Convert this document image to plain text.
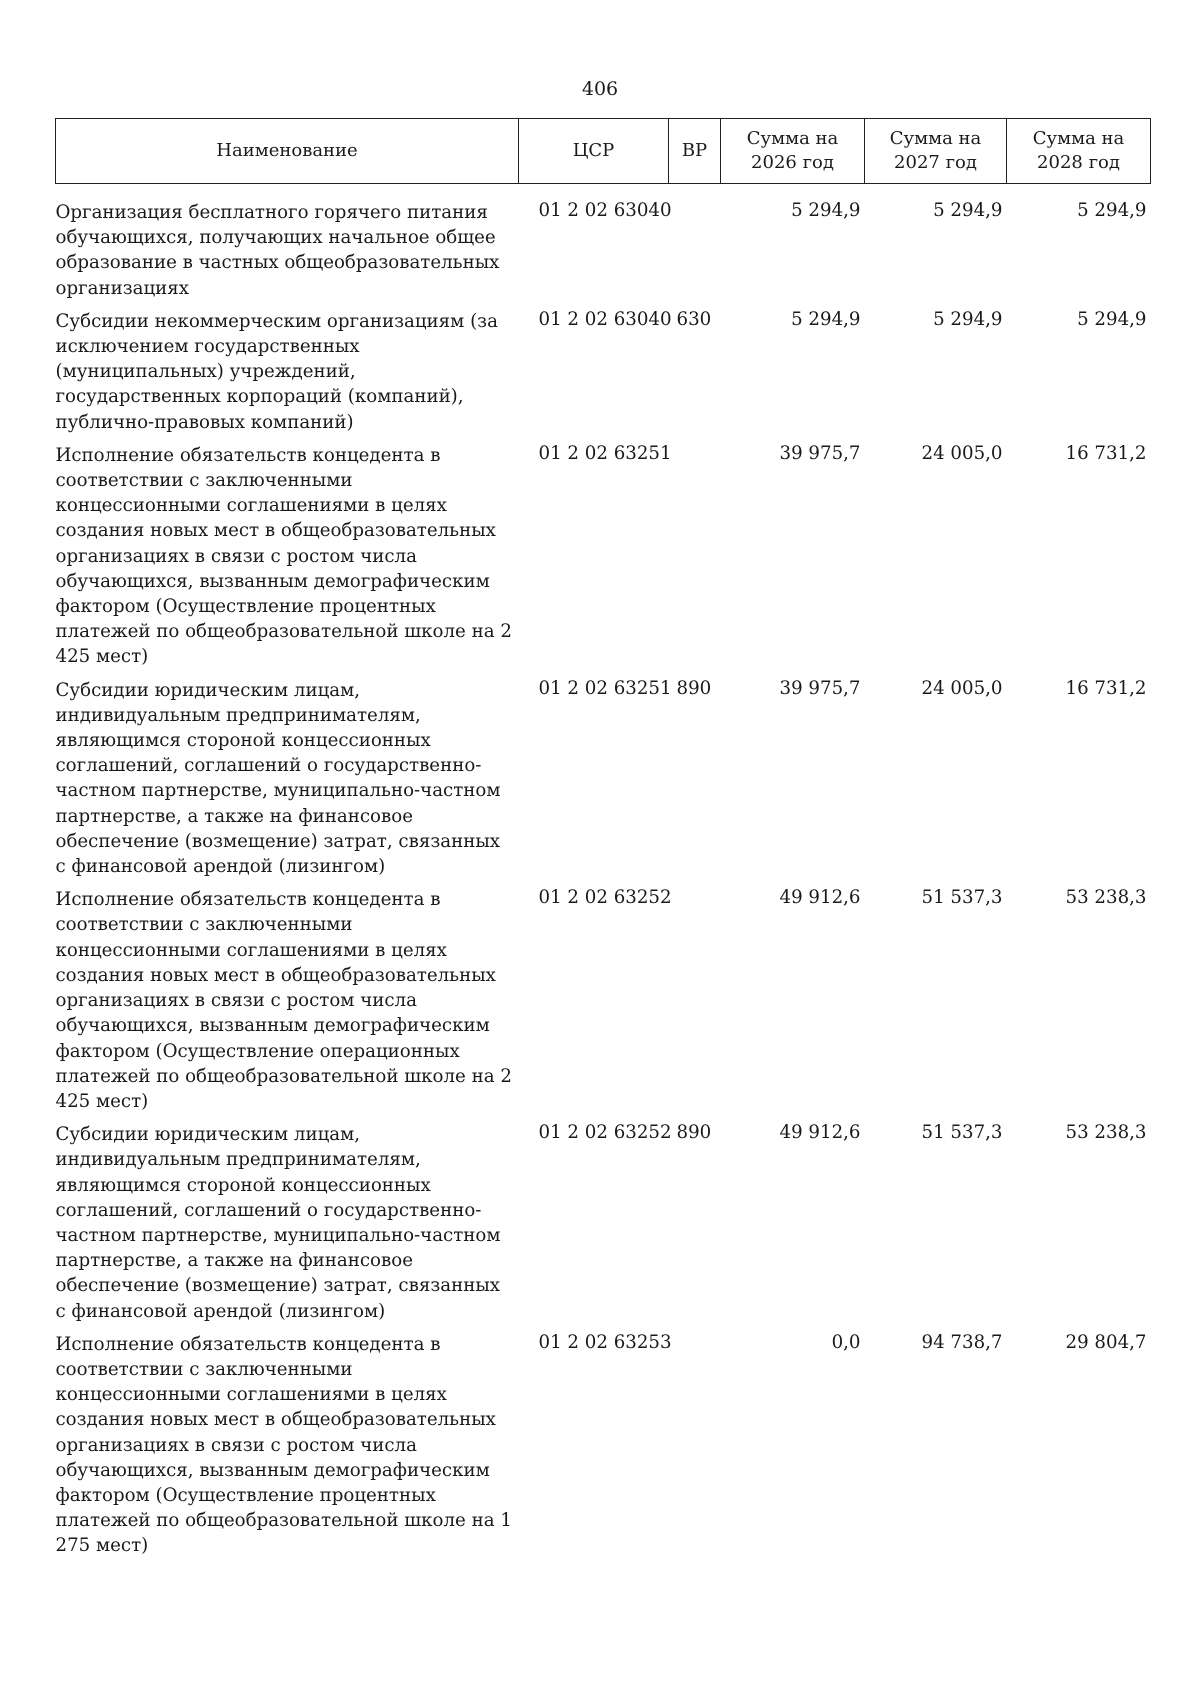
406
Наименование	ЦСР	ВР	Сумма на 2026 год	Сумма на 2027 год	Сумма на 2028 год

Организация бесплатного горячего питания обучающихся, получающих начальное общее образование в частных общеобразовательных организациях	01 2 02 63040		5 294,9	5 294,9	5 294,9
Субсидии некоммерческим организациям (за исключением государственных (муниципальных) учреждений, государственных корпораций (компаний), публично-правовых компаний)	01 2 02 63040	630	5 294,9	5 294,9	5 294,9
Исполнение обязательств концедента в соответствии с заключенными концессионными соглашениями в целях создания новых мест в общеобразовательных организациях в связи с ростом числа обучающихся, вызванным демографическим фактором (Осуществление процентных платежей по общеобразовательной школе на 2 425 мест)	01 2 02 63251		39 975,7	24 005,0	16 731,2
Субсидии юридическим лицам, индивидуальным предпринимателям, являющимся стороной концессионных соглашений, соглашений о государственно-частном партнерстве, муниципально-частном партнерстве, а также на финансовое обеспечение (возмещение) затрат, связанных с финансовой арендой (лизингом)	01 2 02 63251	890	39 975,7	24 005,0	16 731,2
Исполнение обязательств концедента в соответствии с заключенными концессионными соглашениями в целях создания новых мест в общеобразовательных организациях в связи с ростом числа обучающихся, вызванным демографическим фактором (Осуществление операционных платежей по общеобразовательной школе на 2 425 мест)	01 2 02 63252		49 912,6	51 537,3	53 238,3
Субсидии юридическим лицам, индивидуальным предпринимателям, являющимся стороной концессионных соглашений, соглашений о государственно-частном партнерстве, муниципально-частном партнерстве, а также на финансовое обеспечение (возмещение) затрат, связанных с финансовой арендой (лизингом)	01 2 02 63252	890	49 912,6	51 537,3	53 238,3
Исполнение обязательств концедента в соответствии с заключенными концессионными соглашениями в целях создания новых мест в общеобразовательных организациях в связи с ростом числа обучающихся, вызванным демографическим фактором (Осуществление процентных платежей по общеобразовательной школе на 1 275 мест)	01 2 02 63253		0,0	94 738,7	29 804,7
